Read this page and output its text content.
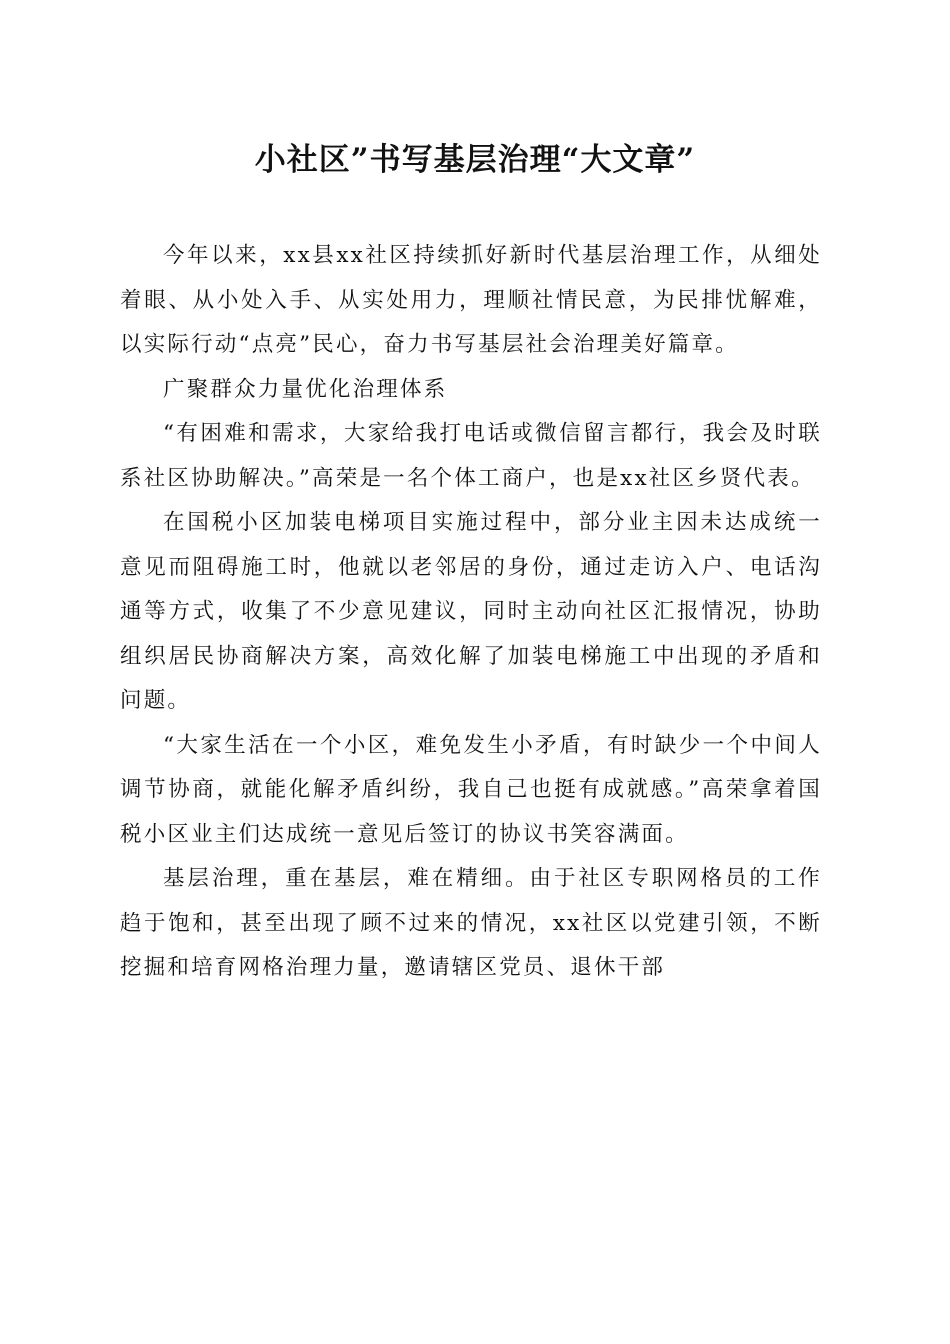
小社区”书写基层治理“大文章”

今年以来，xx县xx社区持续抓好新时代基层治理工作，从细处着眼、从小处入手、从实处用力，理顺社情民意，为民排忧解难，以实际行动“点亮”民心，奋力书写基层社会治理美好篇章。

广聚群众力量优化治理体系

“有困难和需求，大家给我打电话或微信留言都行，我会及时联系社区协助解决。”高荣是一名个体工商户，也是xx社区乡贤代表。

在国税小区加装电梯项目实施过程中，部分业主因未达成统一意见而阻碍施工时，他就以老邻居的身份，通过走访入户、电话沟通等方式，收集了不少意见建议，同时主动向社区汇报情况，协助组织居民协商解决方案，高效化解了加装电梯施工中出现的矛盾和问题。

“大家生活在一个小区，难免发生小矛盾，有时缺少一个中间人调节协商，就能化解矛盾纠纷，我自己也挺有成就感。”高荣拿着国税小区业主们达成统一意见后签订的协议书笑容满面。

基层治理，重在基层，难在精细。由于社区专职网格员的工作趋于饱和，甚至出现了顾不过来的情况，xx社区以党建引领，不断挖掘和培育网格治理力量，邀请辖区党员、退休干部
